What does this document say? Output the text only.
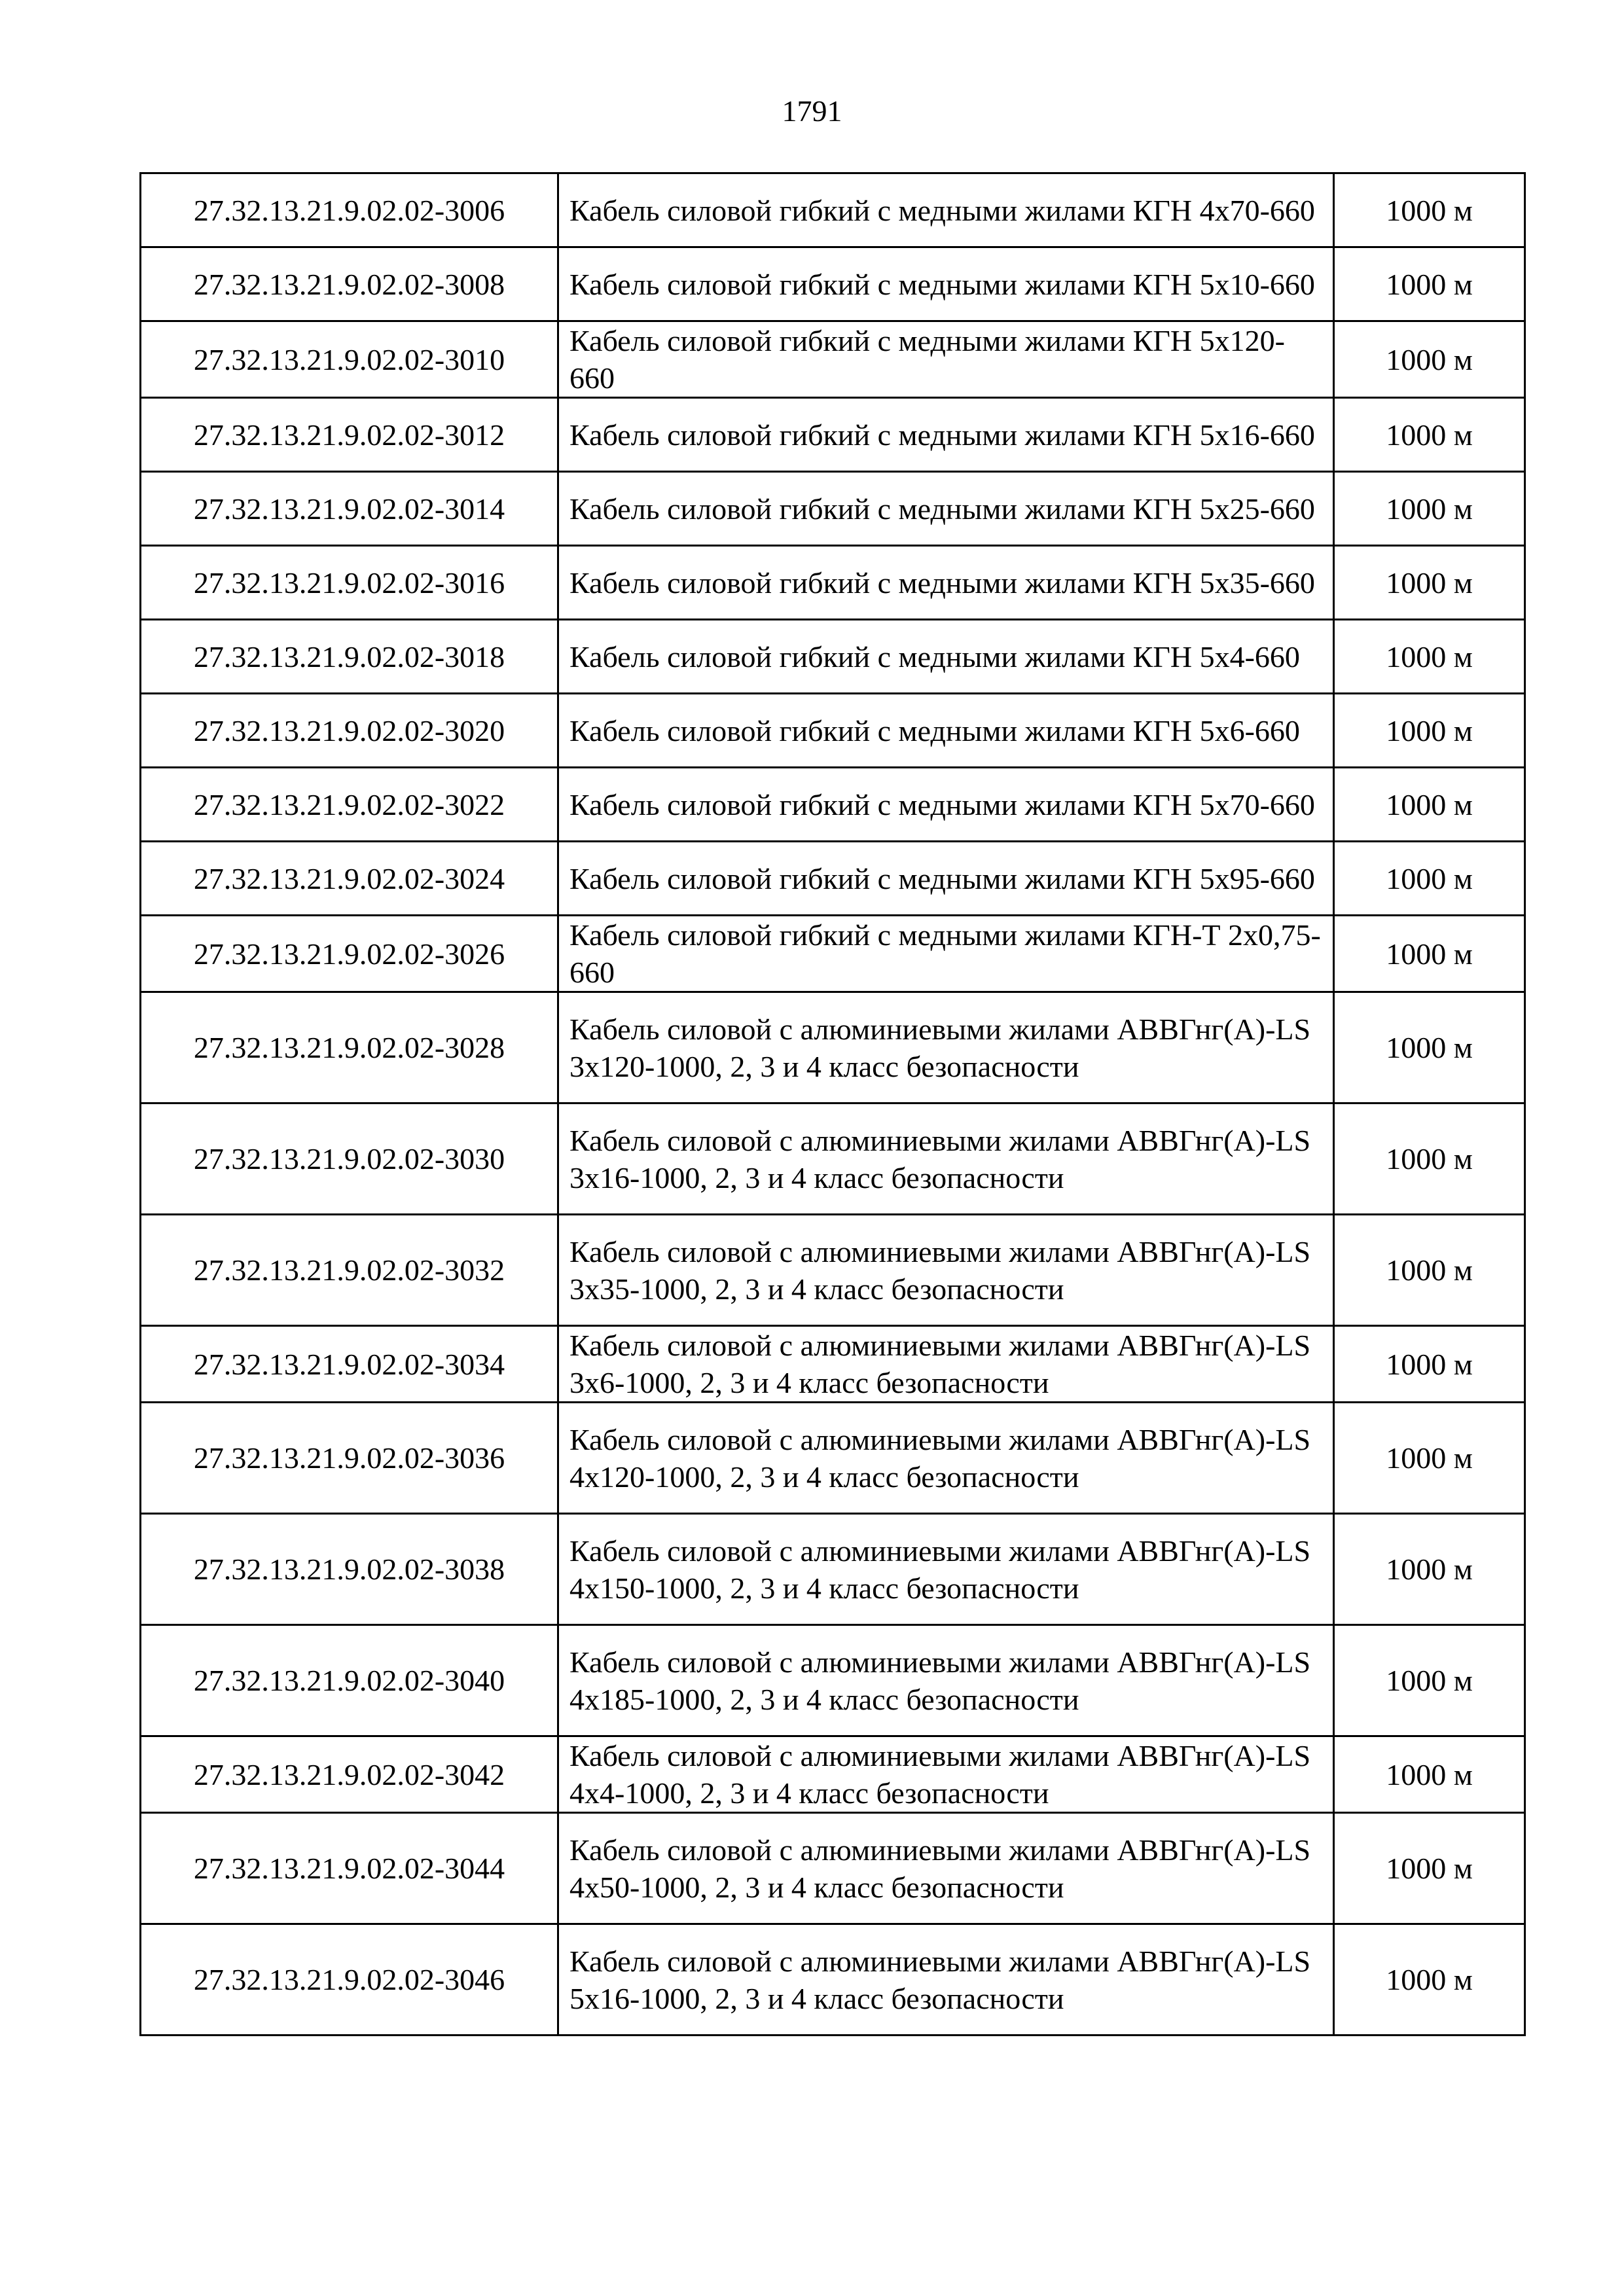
1791
27.32.13.21.9.02.02-3006	Кабель силовой гибкий с медными жилами КГН 4x70-660	1000 м
27.32.13.21.9.02.02-3008	Кабель силовой гибкий с медными жилами КГН 5x10-660	1000 м
27.32.13.21.9.02.02-3010	Кабель силовой гибкий с медными жилами КГН 5x120-660	1000 м
27.32.13.21.9.02.02-3012	Кабель силовой гибкий с медными жилами КГН 5x16-660	1000 м
27.32.13.21.9.02.02-3014	Кабель силовой гибкий с медными жилами КГН 5x25-660	1000 м
27.32.13.21.9.02.02-3016	Кабель силовой гибкий с медными жилами КГН 5x35-660	1000 м
27.32.13.21.9.02.02-3018	Кабель силовой гибкий с медными жилами КГН 5x4-660	1000 м
27.32.13.21.9.02.02-3020	Кабель силовой гибкий с медными жилами КГН 5x6-660	1000 м
27.32.13.21.9.02.02-3022	Кабель силовой гибкий с медными жилами КГН 5x70-660	1000 м
27.32.13.21.9.02.02-3024	Кабель силовой гибкий с медными жилами КГН 5x95-660	1000 м
27.32.13.21.9.02.02-3026	Кабель силовой гибкий с медными жилами КГН-Т 2x0,75-660	1000 м
27.32.13.21.9.02.02-3028	Кабель силовой с алюминиевыми жилами АВВГнг(А)-LS 3x120-1000, 2, 3 и 4 класс безопасности	1000 м
27.32.13.21.9.02.02-3030	Кабель силовой с алюминиевыми жилами АВВГнг(А)-LS 3x16-1000, 2, 3 и 4 класс безопасности	1000 м
27.32.13.21.9.02.02-3032	Кабель силовой с алюминиевыми жилами АВВГнг(А)-LS 3x35-1000, 2, 3 и 4 класс безопасности	1000 м
27.32.13.21.9.02.02-3034	Кабель силовой с алюминиевыми жилами АВВГнг(А)-LS 3x6-1000, 2, 3 и 4 класс безопасности	1000 м
27.32.13.21.9.02.02-3036	Кабель силовой с алюминиевыми жилами АВВГнг(А)-LS 4x120-1000, 2, 3 и 4 класс безопасности	1000 м
27.32.13.21.9.02.02-3038	Кабель силовой с алюминиевыми жилами АВВГнг(А)-LS 4x150-1000, 2, 3 и 4 класс безопасности	1000 м
27.32.13.21.9.02.02-3040	Кабель силовой с алюминиевыми жилами АВВГнг(А)-LS 4x185-1000, 2, 3 и 4 класс безопасности	1000 м
27.32.13.21.9.02.02-3042	Кабель силовой с алюминиевыми жилами АВВГнг(А)-LS 4x4-1000, 2, 3 и 4 класс безопасности	1000 м
27.32.13.21.9.02.02-3044	Кабель силовой с алюминиевыми жилами АВВГнг(А)-LS 4x50-1000, 2, 3 и 4 класс безопасности	1000 м
27.32.13.21.9.02.02-3046	Кабель силовой с алюминиевыми жилами АВВГнг(А)-LS 5x16-1000, 2, 3 и 4 класс безопасности	1000 м
